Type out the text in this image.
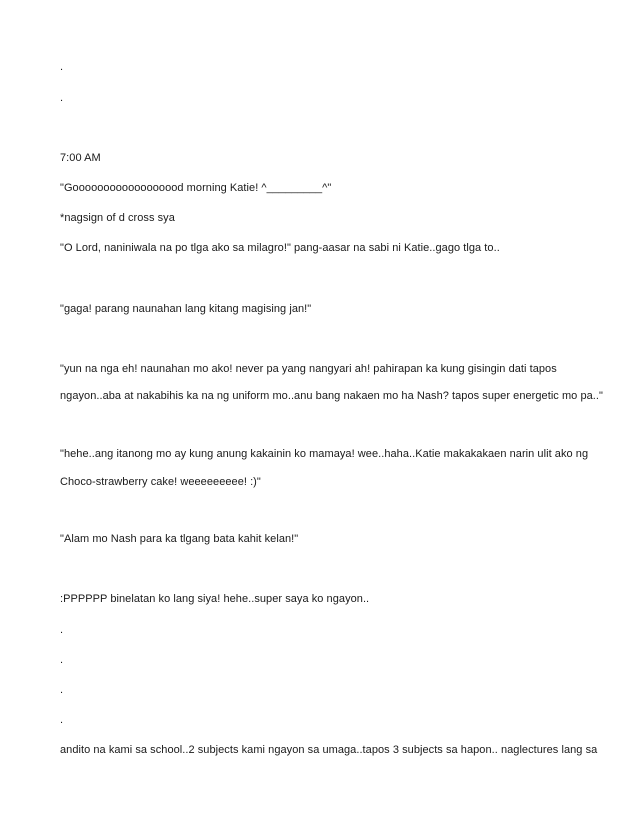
.
.
7:00 AM
"Goooooooooooooooood morning Katie! ^_________^"
*nagsign of d cross sya
"O Lord, naniniwala na po tlga ako sa milagro!" pang-aasar na sabi ni Katie..gago tlga to..
"gaga! parang naunahan lang kitang magising jan!"
"yun na nga eh! naunahan mo ako! never pa yang nangyari ah! pahirapan ka kung gisingin dati tapos
ngayon..aba at nakabihis ka na ng uniform mo..anu bang nakaen mo ha Nash? tapos super energetic mo pa.."
"hehe..ang itanong mo ay kung anung kakainin ko mamaya! wee..haha..Katie makakakaen narin ulit ako ng
Choco-strawberry cake! weeeeeeeee! :)"
"Alam mo Nash para ka tlgang bata kahit kelan!"
:PPPPPP binelatan ko lang siya! hehe..super saya ko ngayon..
.
.
.
.
andito na kami sa school..2 subjects kami ngayon sa umaga..tapos 3 subjects sa hapon.. naglectures lang sa
